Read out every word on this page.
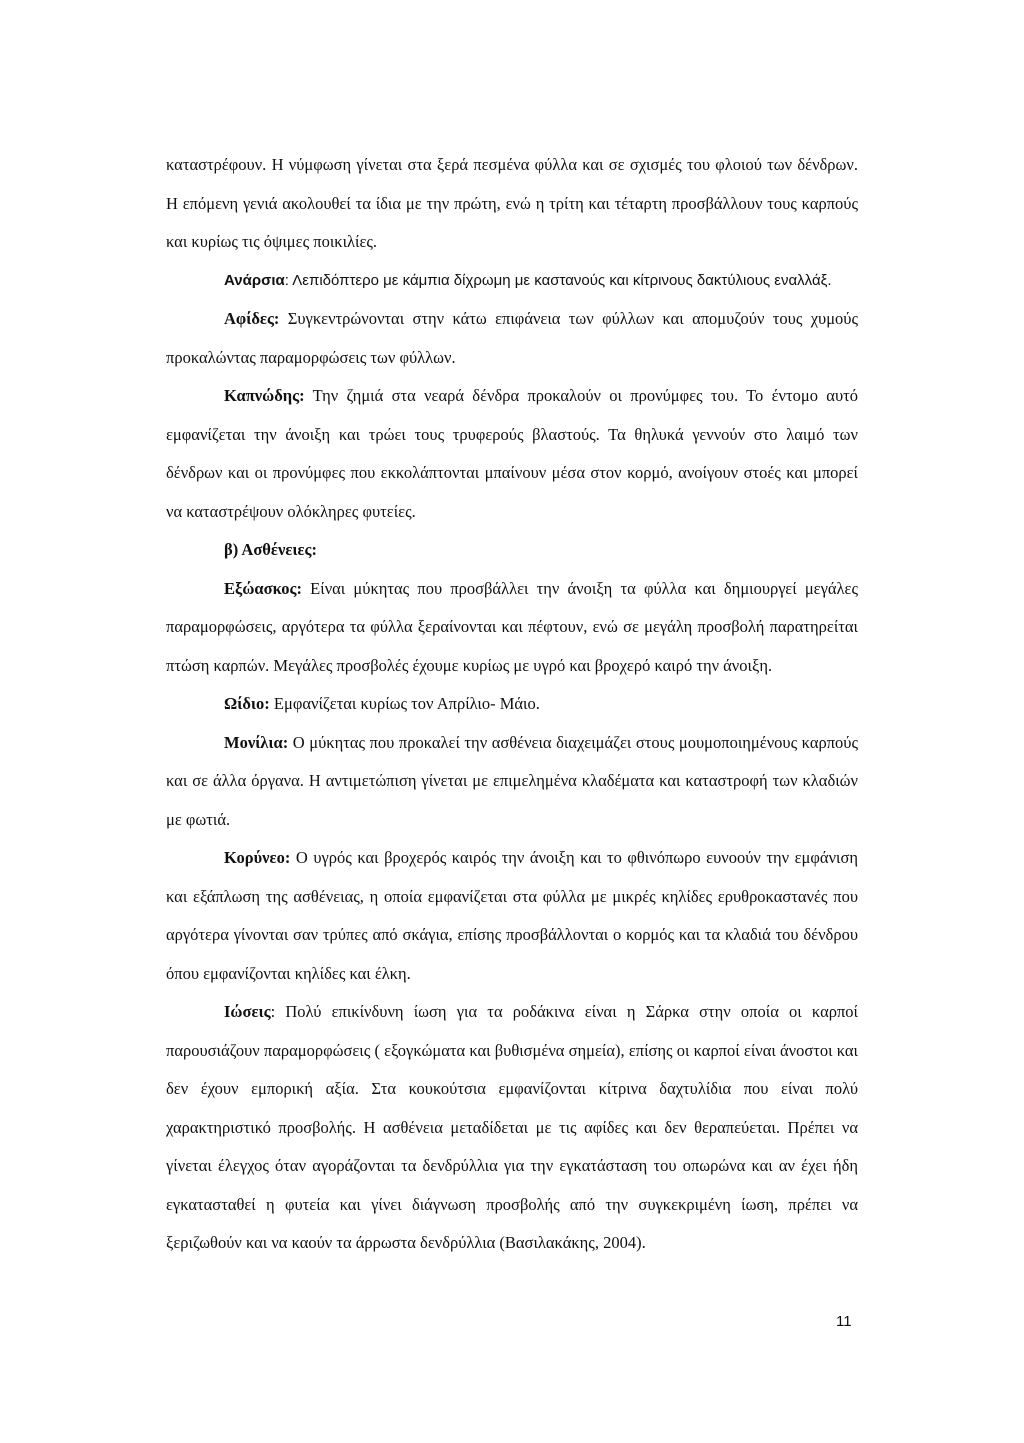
καταστρέφουν. Η νύμφωση γίνεται στα ξερά πεσμένα φύλλα και σε σχισμές του φλοιού των δένδρων. Η επόμενη γενιά ακολουθεί τα ίδια με την πρώτη, ενώ η τρίτη και τέταρτη προσβάλλουν τους καρπούς και κυρίως τις όψιμες ποικιλίες.

Ανάρσια: Λεπιδόπτερο με κάμπια δίχρωμη με καστανούς και κίτρινους δακτύλιους εναλλάξ.

Αφίδες: Συγκεντρώνονται στην κάτω επιφάνεια των φύλλων και απομυζούν τους χυμούς προκαλώντας παραμορφώσεις των φύλλων.

Καπνώδης: Την ζημιά στα νεαρά δένδρα προκαλούν οι προνύμφες του. Το έντομο αυτό εμφανίζεται την άνοιξη και τρώει τους τρυφερούς βλαστούς. Τα θηλυκά γεννούν στο λαιμό των δένδρων και οι προνύμφες που εκκολάπτονται μπαίνουν μέσα στον κορμό, ανοίγουν στοές και μπορεί να καταστρέψουν ολόκληρες φυτείες.

β) Ασθένειες:

Εξώασκος: Είναι μύκητας που προσβάλλει την άνοιξη τα φύλλα και δημιουργεί μεγάλες παραμορφώσεις, αργότερα τα φύλλα ξεραίνονται και πέφτουν, ενώ σε μεγάλη προσβολή παρατηρείται πτώση καρπών. Μεγάλες προσβολές έχουμε κυρίως με υγρό και βροχερό καιρό την άνοιξη.

Ωίδιο: Εμφανίζεται κυρίως τον Απρίλιο- Μάιο.

Μονίλια: Ο μύκητας που προκαλεί την ασθένεια διαχειμάζει στους μουμοποιημένους καρπούς και σε άλλα όργανα. Η αντιμετώπιση γίνεται με επιμελημένα κλαδέματα και καταστροφή των κλαδιών με φωτιά.

Κορύνεο: Ο υγρός και βροχερός καιρός την άνοιξη και το φθινόπωρο ευνοούν την εμφάνιση και εξάπλωση της ασθένειας, η οποία εμφανίζεται στα φύλλα με μικρές κηλίδες ερυθροκαστανές που αργότερα γίνονται σαν τρύπες από σκάγια, επίσης προσβάλλονται ο κορμός και τα κλαδιά του δένδρου όπου εμφανίζονται κηλίδες και έλκη.

Ιώσεις: Πολύ επικίνδυνη ίωση για τα ροδάκινα είναι η Σάρκα στην οποία οι καρποί παρουσιάζουν παραμορφώσεις ( εξογκώματα και βυθισμένα σημεία), επίσης οι καρποί είναι άνοστοι και δεν έχουν εμπορική αξία. Στα κουκούτσια εμφανίζονται κίτρινα δαχτυλίδια που είναι πολύ χαρακτηριστικό προσβολής. Η ασθένεια μεταδίδεται με τις αφίδες και δεν θεραπεύεται. Πρέπει να γίνεται έλεγχος όταν αγοράζονται τα δενδρύλλια για την εγκατάσταση του οπωρώνα και αν έχει ήδη εγκατασταθεί η φυτεία και γίνει διάγνωση προσβολής από την συγκεκριμένη ίωση, πρέπει να ξεριζωθούν και να καούν τα άρρωστα δενδρύλλια (Βασιλακάκης, 2004).

11
